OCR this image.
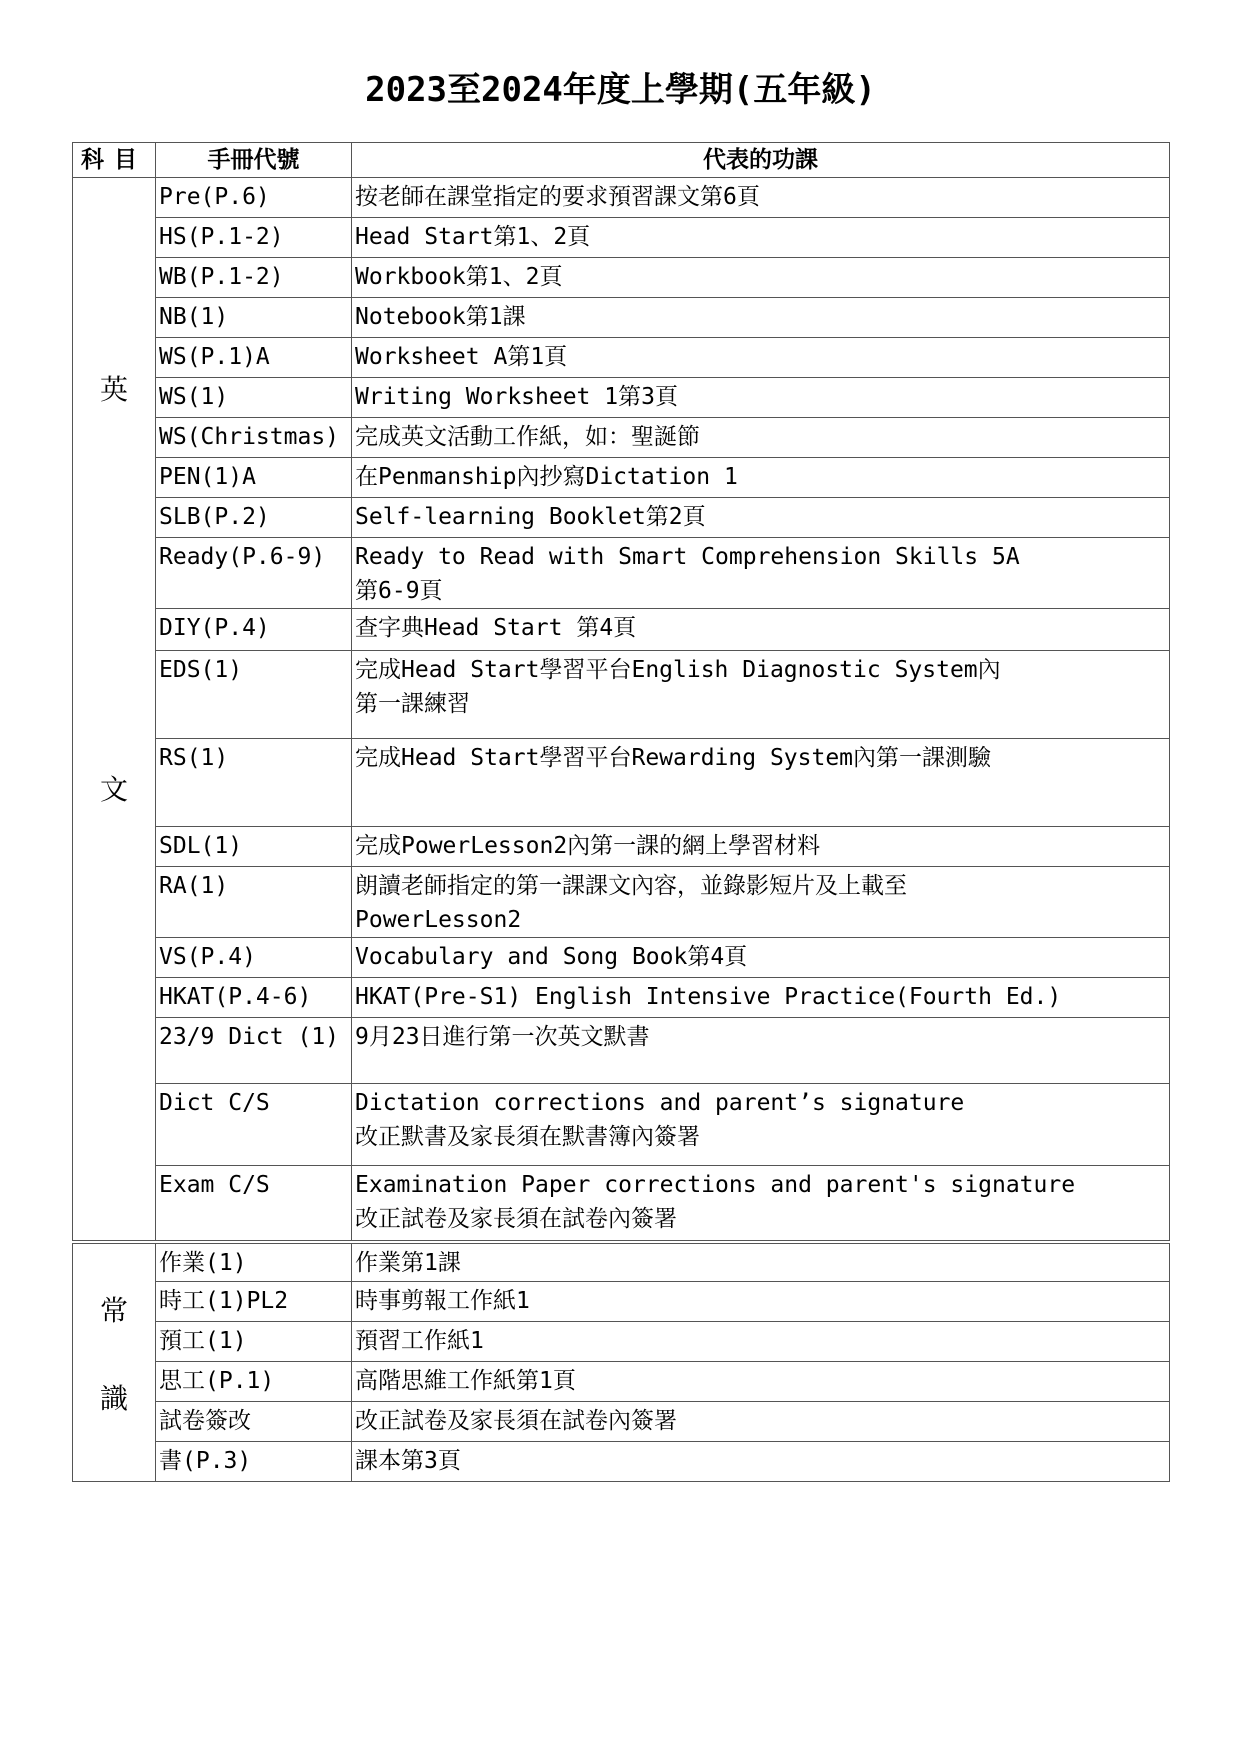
2023至2024年度上學期(五年級)
科目	手冊代號	代表的功課

英
文	Pre(P.6)	按老師在課堂指定的要求預習課文第6頁

	HS(P.1-2)	Head Start第1、2頁

	WB(P.1-2)	Workbook第1、2頁

	NB(1)	Notebook第1課

	WS(P.1)A	Worksheet A第1頁

	WS(1)	Writing Worksheet 1第3頁

	WS(Christmas)	完成英文活動工作紙，如：聖誕節

	PEN(1)A	在Penmanship內抄寫Dictation 1

	SLB(P.2)	Self-learning Booklet第2頁

	Ready(P.6-9)	Ready to Read with Smart Comprehension Skills 5A
第6-9頁

	DIY(P.4)	查字典Head Start 第4頁

	EDS(1)	完成Head Start學習平台English Diagnostic System內
第一課練習

	RS(1)	完成Head Start學習平台Rewarding System內第一課測驗

	SDL(1)	完成PowerLesson2內第一課的網上學習材料

	RA(1)	朗讀老師指定的第一課課文內容，並錄影短片及上載至
PowerLesson2

	VS(P.4)	Vocabulary and Song Book第4頁

	HKAT(P.4-6)	HKAT(Pre-S1) English Intensive Practice(Fourth Ed.)

	23/9 Dict (1)	9月23日進行第一次英文默書

	Dict C/S	Dictation corrections and parent’s signature
改正默書及家長須在默書簿內簽署

	Exam C/S	Examination Paper corrections and parent's signature
改正試卷及家長須在試卷內簽署

常
識	作業(1)	作業第1課

	時工(1)PL2	時事剪報工作紙1

	預工(1)	預習工作紙1

	思工(P.1)	高階思維工作紙第1頁

	試卷簽改	改正試卷及家長須在試卷內簽署

	書(P.3)	課本第3頁
